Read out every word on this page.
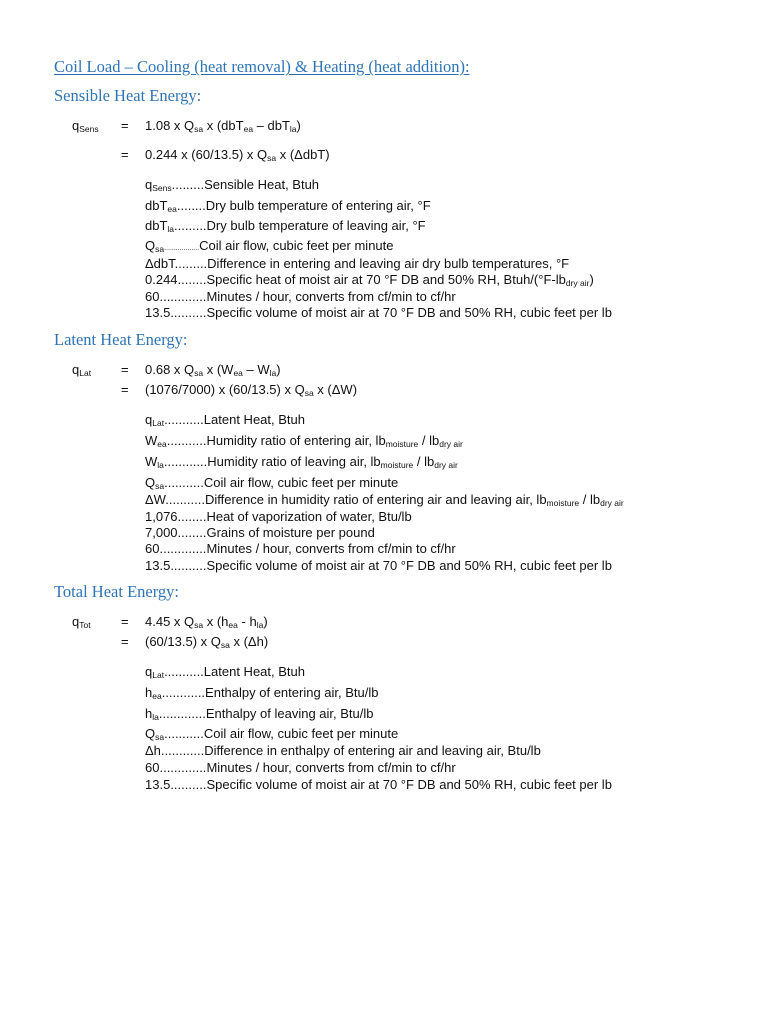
Coil Load – Cooling (heat removal) & Heating (heat addition):
Sensible Heat Energy:
$q_{Sens} = 1.08$ x $Q_{sa}$ x (dbT$_{ea}$ – dbT$_{la}$)
= 0.244 x (60/13.5) x $Q_{sa}$ x (ΔdbT)
$q_{Sens}.........Sensible$ Heat, Btuh
dbT$_{ea}$........Dry bulb temperature of entering air, °F
dbT$_{la}$.........Dry bulb temperature of leaving air, °F
$Q_{sa}..................Coil$ air flow, cubic feet per minute
ΔdbT.........Difference in entering and leaving air dry bulb temperatures, °F
0.244........Specific heat of moist air at 70 °F DB and 50% RH, Btuh/$(^\circ F-lb_{dry air})$
60.............Minutes / hour, converts from cf/min to cf/hr
13.5..........Specific volume of moist air at 70 °F DB and 50% RH, cubic feet per lb
Latent Heat Energy:
$q_{Lat} = 0.68$ x $Q_{sa}$ x $(W_{ea} - W_{la})$
= (1076/7000) x (60/13.5) x $Q_{sa}$ x (ΔW)
$q_{Lat}...........Latent$ Heat, Btuh
$W_{ea}...........Humidity$ ratio of entering air, $lb_{moisture} / lb_{dry air}$
$W_{la}............Humidity$ ratio of leaving air, $lb_{moisture} / lb_{dry air}$
$Q_{sa}...........Coil$ air flow, cubic feet per minute
ΔW...........Difference in humidity ratio of entering air and leaving air, $lb_{moisture} / lb_{dry air}$
1,076........Heat of vaporization of water, Btu/lb
7,000........Grains of moisture per pound
60.............Minutes / hour, converts from cf/min to cf/hr
13.5..........Specific volume of moist air at 70 °F DB and 50% RH, cubic feet per lb
Total Heat Energy:
$q_{Tot} = 4.45$ x $Q_{sa}$ x $(h_{ea} - h_{la})$
= (60/13.5) x $Q_{sa}$ x (Δh)
$q_{Lat}...........Latent$ Heat, Btuh
$h_{ea}............Enthalpy$ of entering air, Btu/lb
$h_{la}.............Enthalpy$ of leaving air, Btu/lb
$Q_{sa}...........Coil$ air flow, cubic feet per minute
Δh............Difference in enthalpy of entering air and leaving air, Btu/lb
60.............Minutes / hour, converts from cf/min to cf/hr
13.5..........Specific volume of moist air at 70 °F DB and 50% RH, cubic feet per lb
